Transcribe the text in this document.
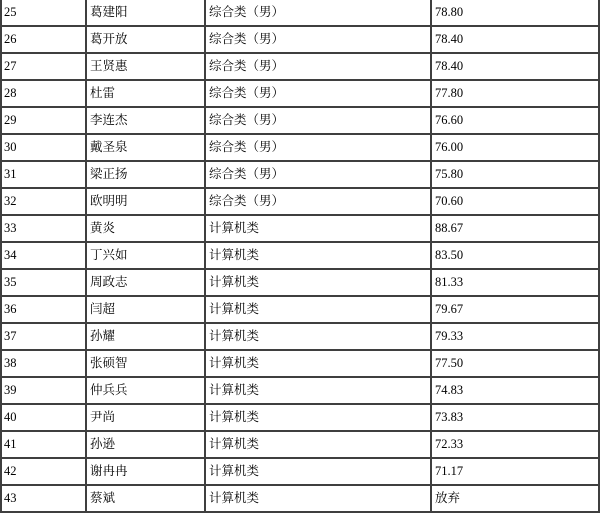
25	葛建阳	综合类（男）	78.80
26	葛开放	综合类（男）	78.40
27	王贤惠	综合类（男）	78.40
28	杜雷	综合类（男）	77.80
29	李连杰	综合类（男）	76.60
30	戴圣泉	综合类（男）	76.00
31	梁正扬	综合类（男）	75.80
32	欧明明	综合类（男）	70.60
33	黄炎	计算机类	88.67
34	丁兴如	计算机类	83.50
35	周政志	计算机类	81.33
36	闫超	计算机类	79.67
37	孙耀	计算机类	79.33
38	张硕智	计算机类	77.50
39	仲兵兵	计算机类	74.83
40	尹尚	计算机类	73.83
41	孙逊	计算机类	72.33
42	谢冉冉	计算机类	71.17
43	蔡斌	计算机类	放弃
